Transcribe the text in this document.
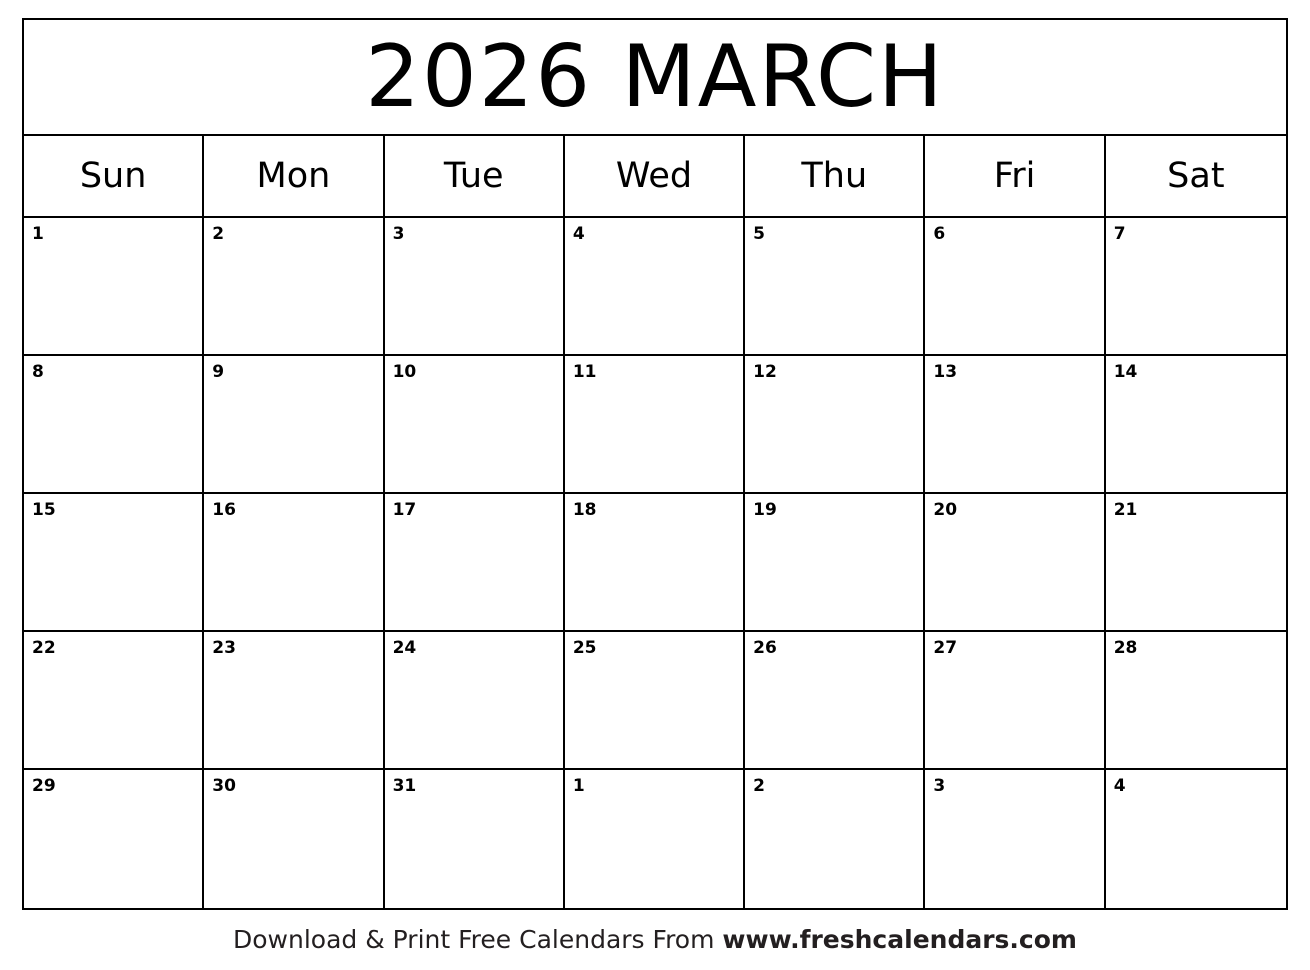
2026 MARCH
Sun	Mon	Tue	Wed	Thu	Fri	Sat
1	2	3	4	5	6	7
8	9	10	11	12	13	14
15	16	17	18	19	20	21
22	23	24	25	26	27	28
29	30	31	1	2	3	4
Download & Print Free Calendars From www.freshcalendars.com
